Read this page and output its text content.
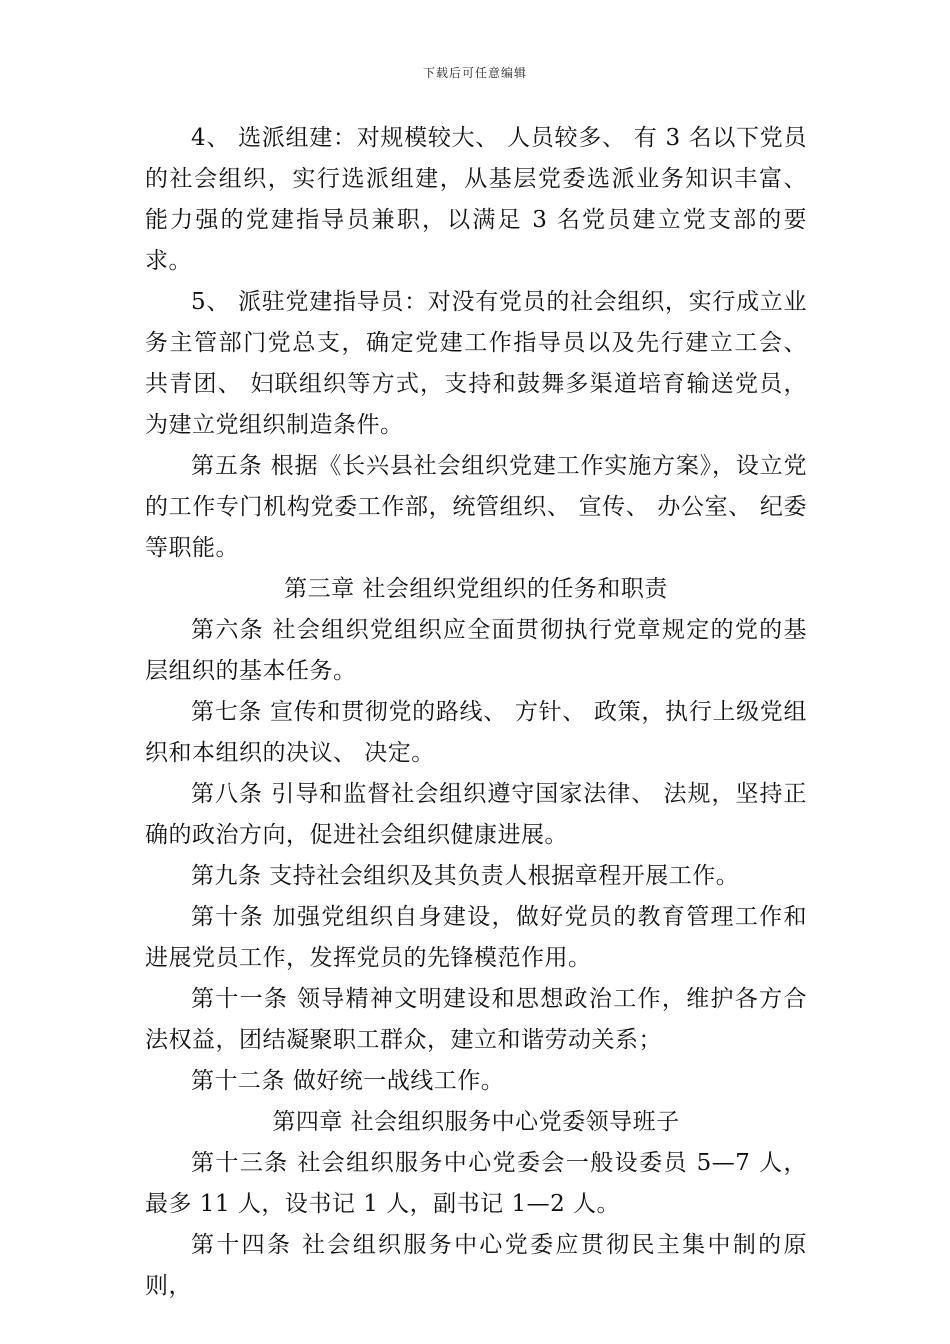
下载后可任意编辑

4、 选派组建：对规模较大、 人员较多、 有 3 名以下党员的社会组织，实行选派组建，从基层党委选派业务知识丰富、 能力强的党建指导员兼职，以满足 3 名党员建立党支部的要求。

5、 派驻党建指导员：对没有党员的社会组织，实行成立业务主管部门党总支，确定党建工作指导员以及先行建立工会、 共青团、 妇联组织等方式，支持和鼓舞多渠道培育输送党员，为建立党组织制造条件。

第五条 根据《长兴县社会组织党建工作实施方案》，设立党的工作专门机构党委工作部，统管组织、 宣传、 办公室、 纪委等职能。

第三章 社会组织党组织的任务和职责

第六条 社会组织党组织应全面贯彻执行党章规定的党的基层组织的基本任务。

第七条 宣传和贯彻党的路线、 方针、 政策，执行上级党组织和本组织的决议、 决定。

第八条 引导和监督社会组织遵守国家法律、 法规，坚持正确的政治方向，促进社会组织健康进展。

第九条 支持社会组织及其负责人根据章程开展工作。

第十条 加强党组织自身建设，做好党员的教育管理工作和进展党员工作，发挥党员的先锋模范作用。

第十一条 领导精神文明建设和思想政治工作，维护各方合法权益，团结凝聚职工群众，建立和谐劳动关系；

第十二条 做好统一战线工作。

第四章 社会组织服务中心党委领导班子

第十三条 社会组织服务中心党委会一般设委员 5—7 人，最多 11 人，设书记 1 人，副书记 1—2 人。

第十四条 社会组织服务中心党委应贯彻民主集中制的原则，
